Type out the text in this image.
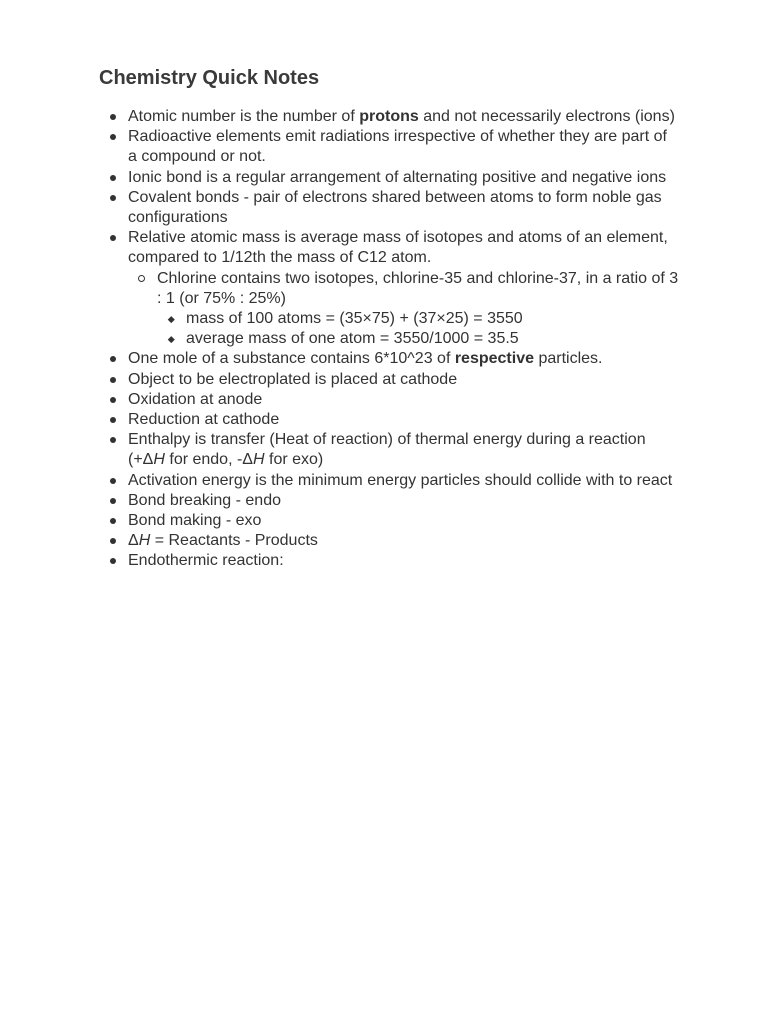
Chemistry Quick Notes
Atomic number is the number of protons and not necessarily electrons (ions)
Radioactive elements emit radiations irrespective of whether they are part of a compound or not.
Ionic bond is a regular arrangement of alternating positive and negative ions
Covalent bonds - pair of electrons shared between atoms to form noble gas configurations
Relative atomic mass is average mass of isotopes and atoms of an element, compared to 1/12th the mass of C12 atom.
Chlorine contains two isotopes, chlorine-35 and chlorine-37, in a ratio of 3 : 1 (or 75% : 25%)
mass of 100 atoms = (35×75) + (37×25) = 3550
average mass of one atom = 3550/1000 = 35.5
One mole of a substance contains 6*10^23 of respective particles.
Object to be electroplated is placed at cathode
Oxidation at anode
Reduction at cathode
Enthalpy is transfer (Heat of reaction) of thermal energy during a reaction (+ΔH for endo, -ΔH for exo)
Activation energy is the minimum energy particles should collide with to react
Bond breaking - endo
Bond making - exo
ΔH = Reactants - Products
Endothermic reaction:
